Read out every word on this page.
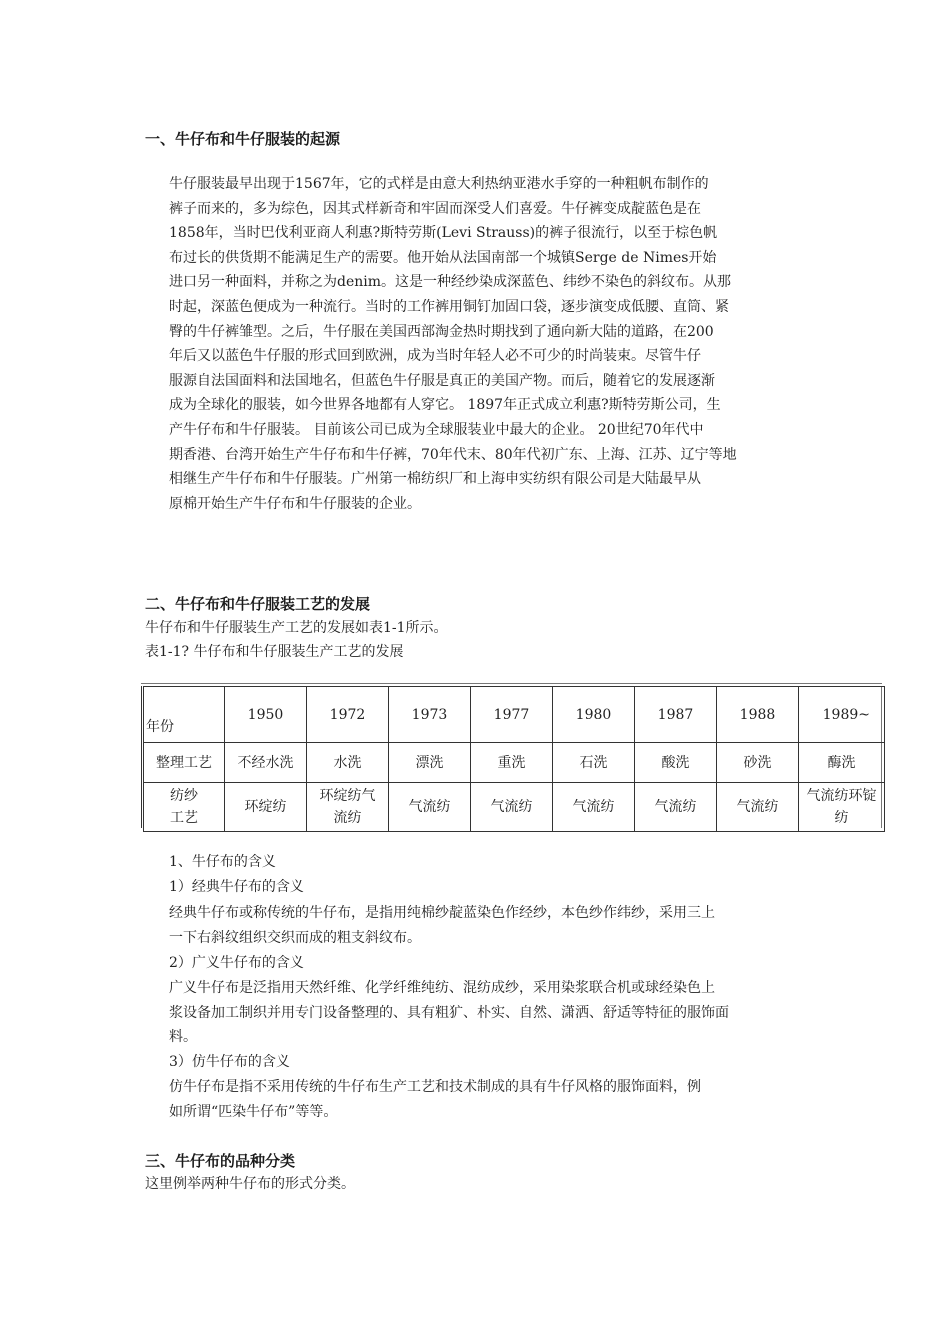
一、牛仔布和牛仔服装的起源
牛仔服装最早出现于1567年，它的式样是由意大利热纳亚港水手穿的一种粗帆布制作的
裤子而来的，多为综色，因其式样新奇和牢固而深受人们喜爱。牛仔裤变成靛蓝色是在
1858年，当时巴伐利亚商人利惠?斯特劳斯(Levi Strauss)的裤子很流行，以至于棕色帆
布过长的供货期不能满足生产的需要。他开始从法国南部一个城镇Serge de Nimes开始
进口另一种面料，并称之为denim。这是一种经纱染成深蓝色、纬纱不染色的斜纹布。从那
时起，深蓝色便成为一种流行。当时的工作裤用铜钉加固口袋，逐步演变成低腰、直筒、紧
臀的牛仔裤雏型。之后，牛仔服在美国西部淘金热时期找到了通向新大陆的道路，在200
年后又以蓝色牛仔服的形式回到欧洲，成为当时年轻人必不可少的时尚装束。尽管牛仔
服源自法国面料和法国地名，但蓝色牛仔服是真正的美国产物。而后，随着它的发展逐渐
成为全球化的服装，如今世界各地都有人穿它。 1897年正式成立利惠?斯特劳斯公司，生
产牛仔布和牛仔服装。 目前该公司已成为全球服装业中最大的企业。 20世纪70年代中
期香港、台湾开始生产牛仔布和牛仔裤，70年代末、80年代初广东、上海、江苏、辽宁等地
相继生产牛仔布和牛仔服装。广州第一棉纺织厂和上海申实纺织有限公司是大陆最早从
原棉开始生产牛仔布和牛仔服装的企业。
二、牛仔布和牛仔服装工艺的发展
牛仔布和牛仔服装生产工艺的发展如表1-1所示。
表1-1? 牛仔布和牛仔服装生产工艺的发展
年份	1950	1972	1973	1977	1980	1987	1988	1989~
整理工艺	不经水洗	水洗	漂洗	重洗	石洗	酸洗	砂洗	酶洗

纺纱
工艺	环绽纺	环绽纺气流纺	气流纺	气流纺	气流纺	气流纺	气流纺	气流纺环锭纺
1、牛仔布的含义
1）经典牛仔布的含义
经典牛仔布或称传统的牛仔布，是指用纯棉纱靛蓝染色作经纱，本色纱作纬纱，采用三上
一下右斜纹组织交织而成的粗支斜纹布。
2）广义牛仔布的含义
广义牛仔布是泛指用天然纤维、化学纤维纯纺、混纺成纱，采用染浆联合机或球经染色上
浆设备加工制织并用专门设备整理的、具有粗犷、朴实、自然、潇洒、舒适等特征的服饰面
料。
3）仿牛仔布的含义
仿牛仔布是指不采用传统的牛仔布生产工艺和技术制成的具有牛仔风格的服饰面料，例
如所谓“匹染牛仔布”等等。
三、牛仔布的品种分类
这里例举两种牛仔布的形式分类。
